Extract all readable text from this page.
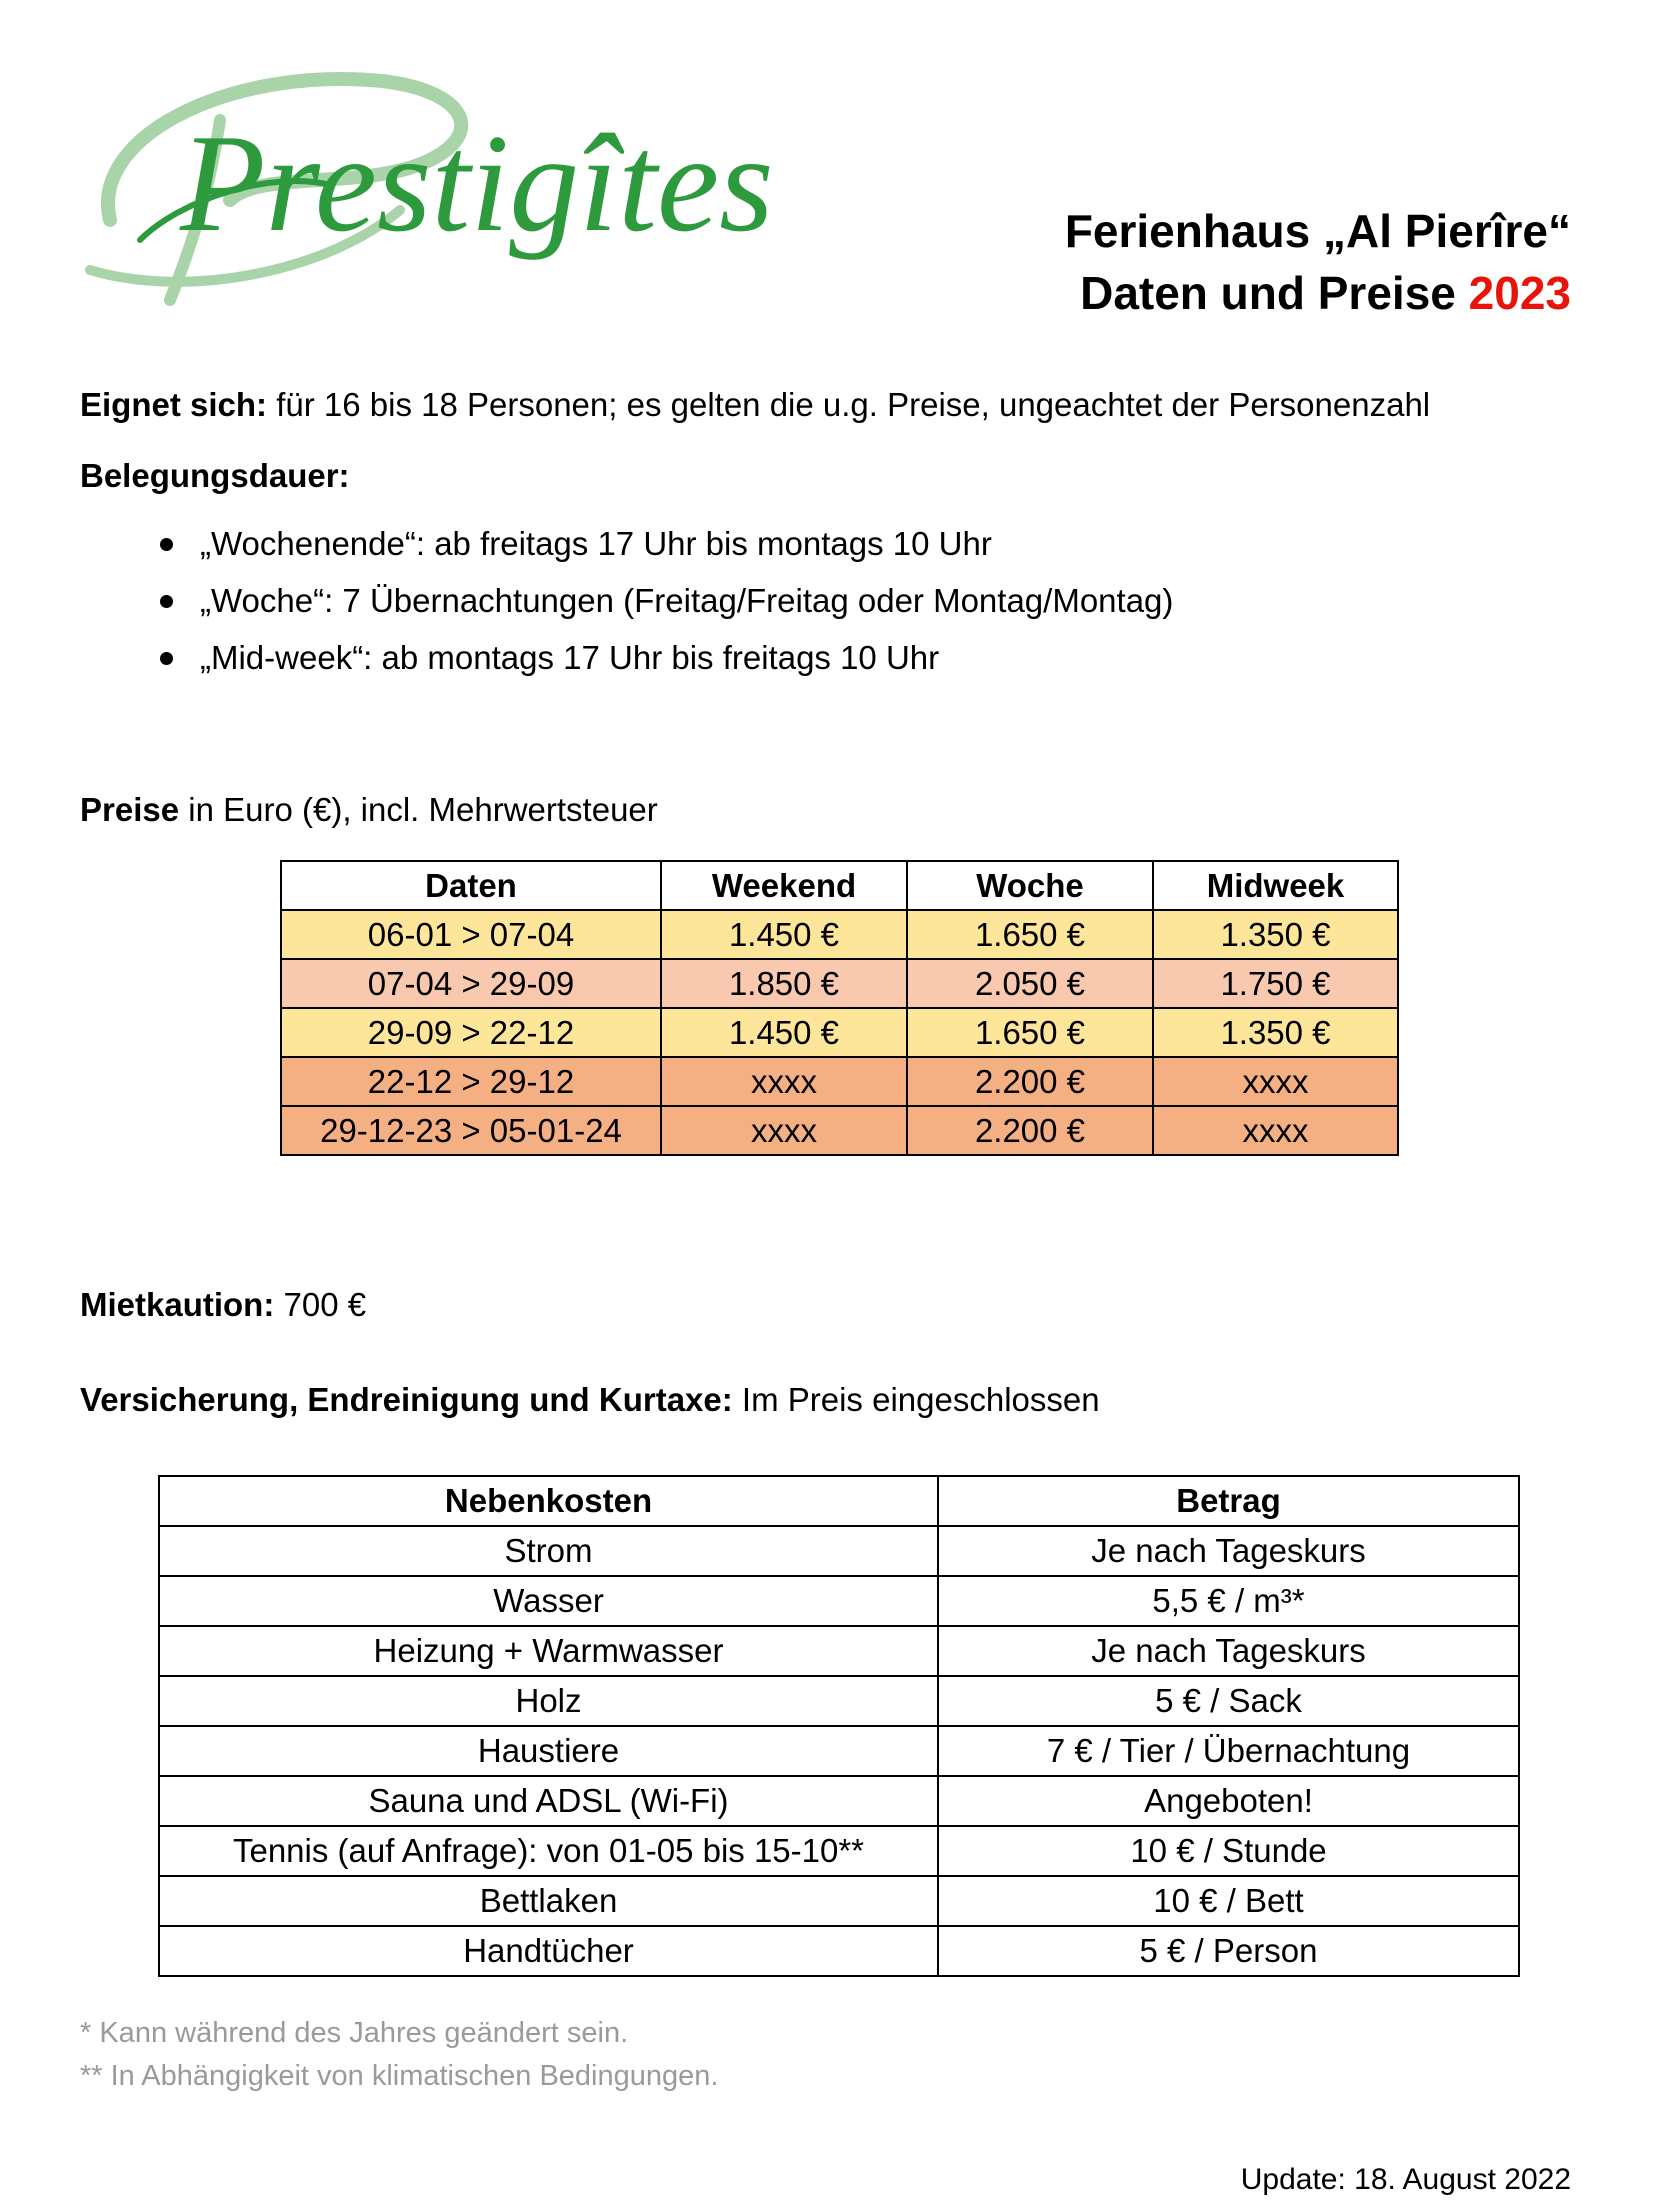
Prestigîtes	Ferienhaus „Al Pierîre“
Daten und Preise 2023
Eignet sich: für 16 bis 18 Personen; es gelten die u.g. Preise, ungeachtet der Personenzahl
Belegungsdauer:
„Wochenende“: ab freitags 17 Uhr bis montags 10 Uhr
„Woche“: 7 Übernachtungen (Freitag/Freitag oder Montag/Montag)
„Mid-week“: ab montags 17 Uhr bis freitags 10 Uhr
Preise in Euro (€), incl. Mehrwertsteuer
Daten	Weekend	Woche	Midweek
06-01 > 07-04	1.450 €	1.650 €	1.350 €
07-04 > 29-09	1.850 €	2.050 €	1.750 €
29-09 > 22-12	1.450 €	1.650 €	1.350 €
22-12 > 29-12	xxxx	2.200 €	xxxx
29-12-23 > 05-01-24	xxxx	2.200 €	xxxx
Mietkaution: 700 €
Versicherung, Endreinigung und Kurtaxe: Im Preis eingeschlossen
Nebenkosten	Betrag
Strom	Je nach Tageskurs
Wasser	5,5 € / m³*
Heizung + Warmwasser	Je nach Tageskurs
Holz	5 € / Sack
Haustiere	7 € / Tier / Übernachtung
Sauna und ADSL (Wi-Fi)	Angeboten!
Tennis (auf Anfrage): von 01-05 bis 15-10**	10 € / Stunde
Bettlaken	10 € / Bett
Handtücher	5 € / Person
* Kann während des Jahres geändert sein.
** In Abhängigkeit von klimatischen Bedingungen.
Update: 18. August 2022
